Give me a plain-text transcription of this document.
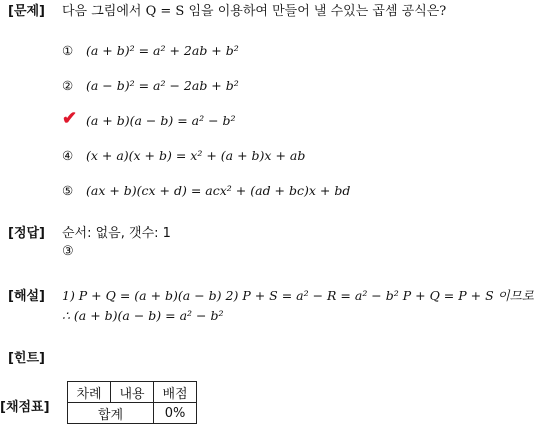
[문제]	다음 그림에서 Q = S 임을 이용하여 만들어 낼 수있는 곱셈 공식은?
① (a + b)² = a² + 2ab + b²
② (a − b)² = a² − 2ab + b²
(a + b)(a − b) = a² − b²
✔
④ (x + a)(x + b) = x² + (a + b)x + ab
⑤ (ax + b)(cx + d) = acx² + (ad + bc)x + bd
[정답]	순서: 없음, 갯수: 1
③
[해설]	1) P + Q = (a + b)(a − b) 2) P + S = a² − R = a² − b² P + Q = P + S 이므로
∴ (a + b)(a − b) = a² − b²
[힌트]
[채점표]
차례	내용	배점
합계		0%
